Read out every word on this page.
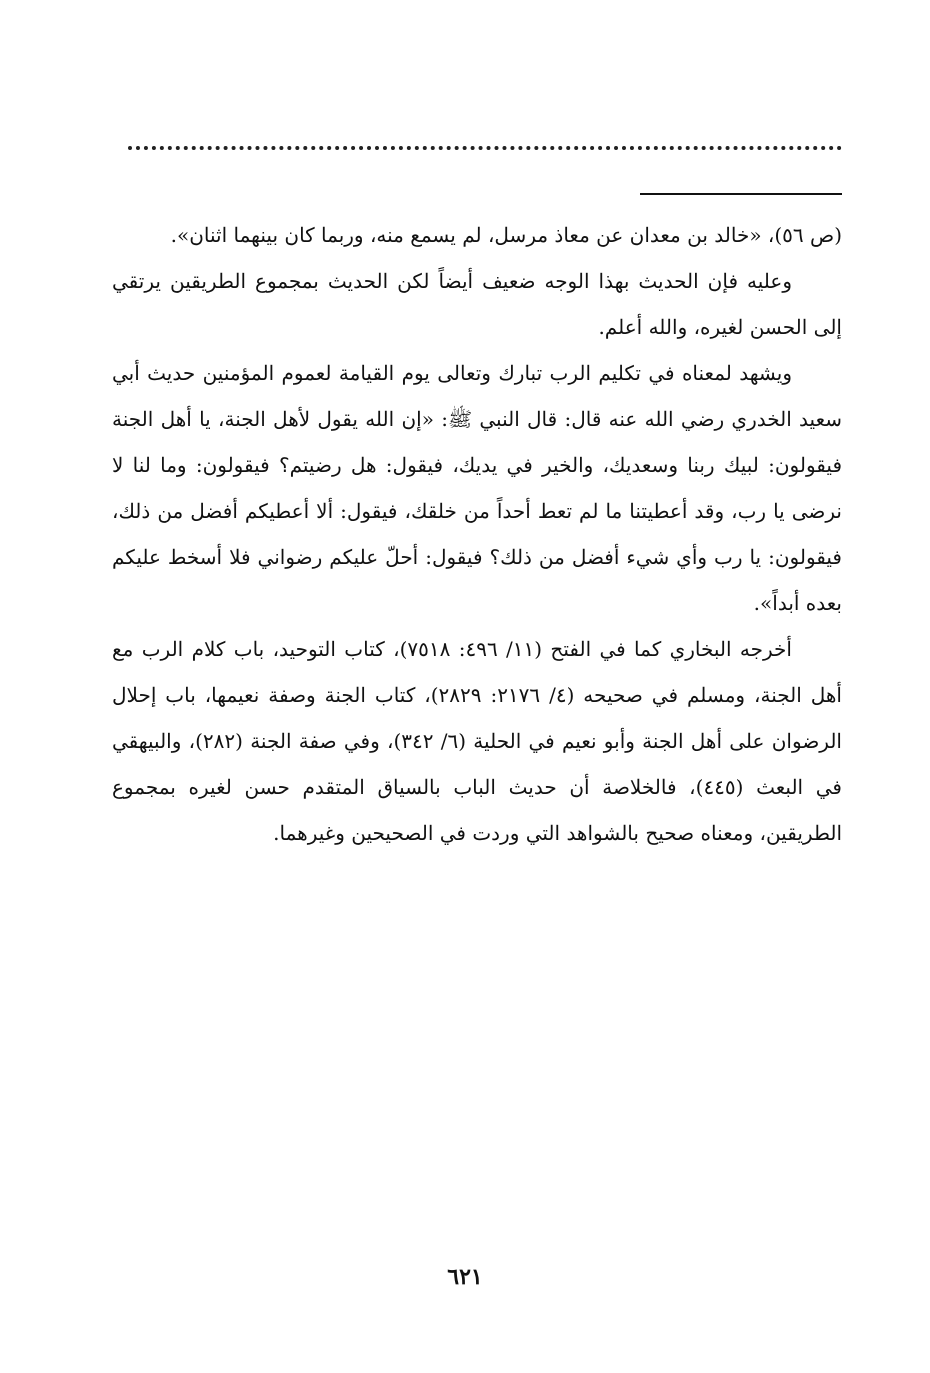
(ص ٥٦)، «خالد بن معدان عن معاذ مرسل، لم يسمع منه، وربما كان بينهما اثنان».

وعليه فإن الحديث بهذا الوجه ضعيف أيضاً لكن الحديث بمجموع الطريقين يرتقي إلى الحسن لغيره، والله أعلم.

ويشهد لمعناه في تكليم الرب تبارك وتعالى يوم القيامة لعموم المؤمنين حديث أبي سعيد الخدري رضي الله عنه قال: قال النبي ﷺ: «إن الله يقول لأهل الجنة، يا أهل الجنة فيقولون: لبيك ربنا وسعديك، والخير في يديك، فيقول: هل رضيتم؟ فيقولون: وما لنا لا نرضى يا رب، وقد أعطيتنا ما لم تعط أحداً من خلقك، فيقول: ألا أعطيكم أفضل من ذلك، فيقولون: يا رب وأي شيء أفضل من ذلك؟ فيقول: أحلّ عليكم رضواني فلا أسخط عليكم بعده أبداً».

أخرجه البخاري كما في الفتح (١١/ ٤٩٦: ٧٥١٨)، كتاب التوحيد، باب كلام الرب مع أهل الجنة، ومسلم في صحيحه (٤/ ٢١٧٦: ٢٨٢٩)، كتاب الجنة وصفة نعيمها، باب إحلال الرضوان على أهل الجنة وأبو نعيم في الحلية (٦/ ٣٤٢)، وفي صفة الجنة (٢٨٢)، والبيهقي في البعث (٤٤٥)، فالخلاصة أن حديث الباب بالسياق المتقدم حسن لغيره بمجموع الطريقين، ومعناه صحيح بالشواهد التي وردت في الصحيحين وغيرهما.

٦٢١
